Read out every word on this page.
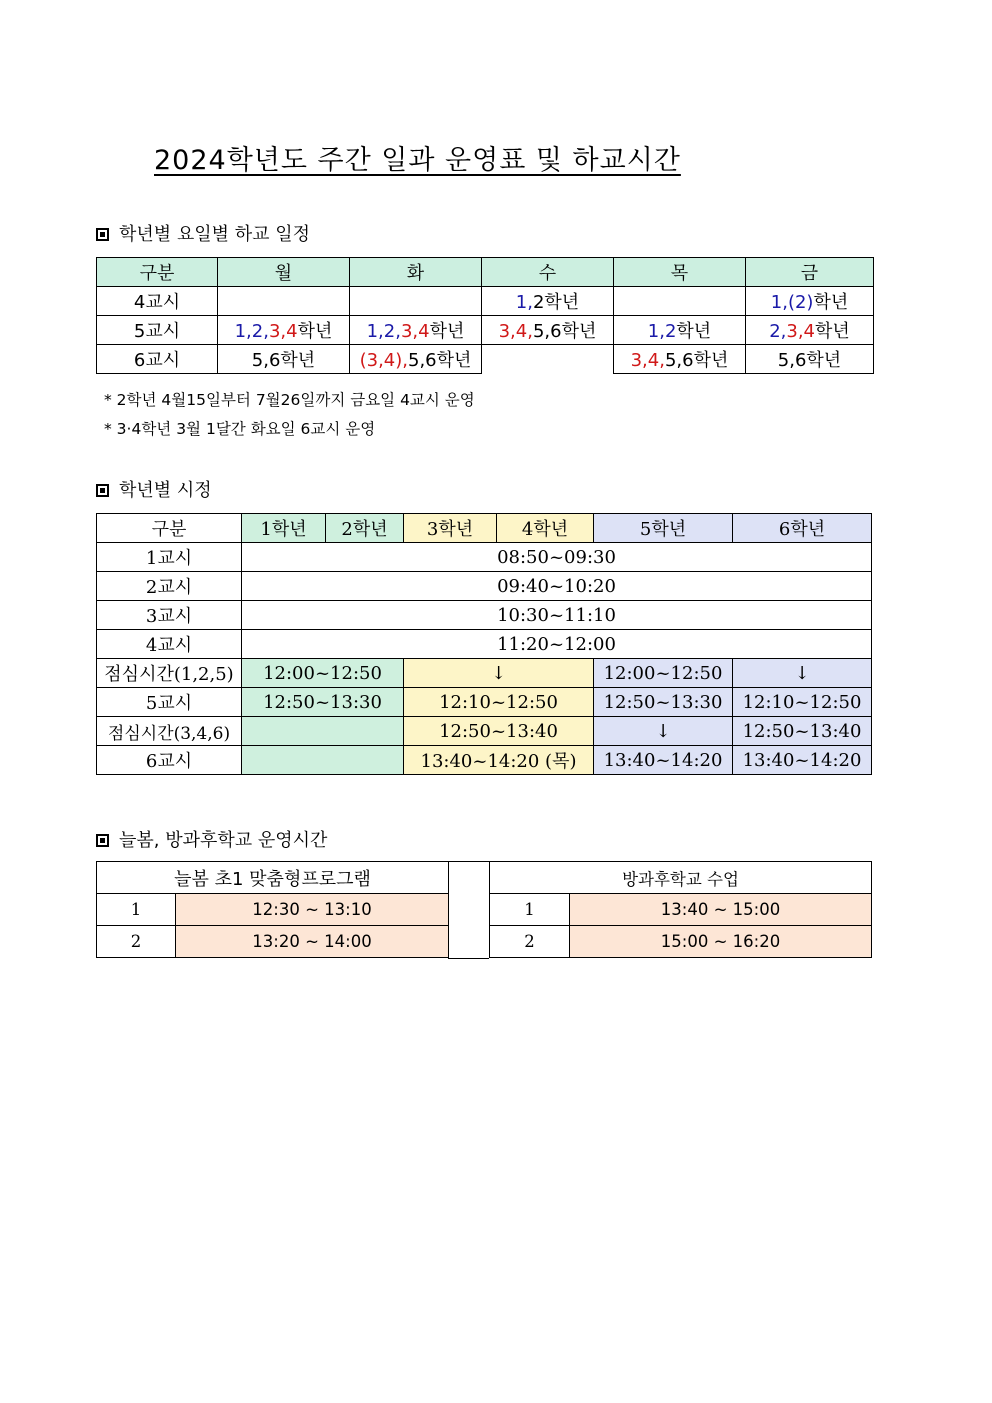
2024학년도 주간 일과 운영표 및 하교시간
학년별 요일별 하교 일정
구분	월	화	수	목	금
4교시			1,2학년		1,(2)학년
5교시	1,2,3,4학년	1,2,3,4학년	3,4,5,6학년	1,2학년	2,3,4학년
6교시	5,6학년	(3,4),5,6학년		3,4,5,6학년	5,6학년
* 2학년 4월15일부터 7월26일까지 금요일 4교시 운영
* 3·4학년 3월 1달간 화요일 6교시 운영
학년별 시정
구분	1학년	2학년	3학년	4학년	5학년	6학년
1교시	08:50~09:30					
2교시	09:40~10:20					
3교시	10:30~11:10					
4교시	11:20~12:00					
점심시간(1,2,5)	12:00~12:50		↓		12:00~12:50	↓
5교시	12:50~13:30		12:10~12:50		12:50~13:30	12:10~12:50
점심시간(3,4,6)			12:50~13:40		↓	12:50~13:40
6교시			13:40~14:20 (목)		13:40~14:20	13:40~14:20
늘봄, 방과후학교 운영시간
늘봄 초1 맞춤형프로그램	
1	12:30 ~ 13:10
2	13:20 ~ 14:00
방과후학교 수업	
1	13:40 ~ 15:00
2	15:00 ~ 16:20
